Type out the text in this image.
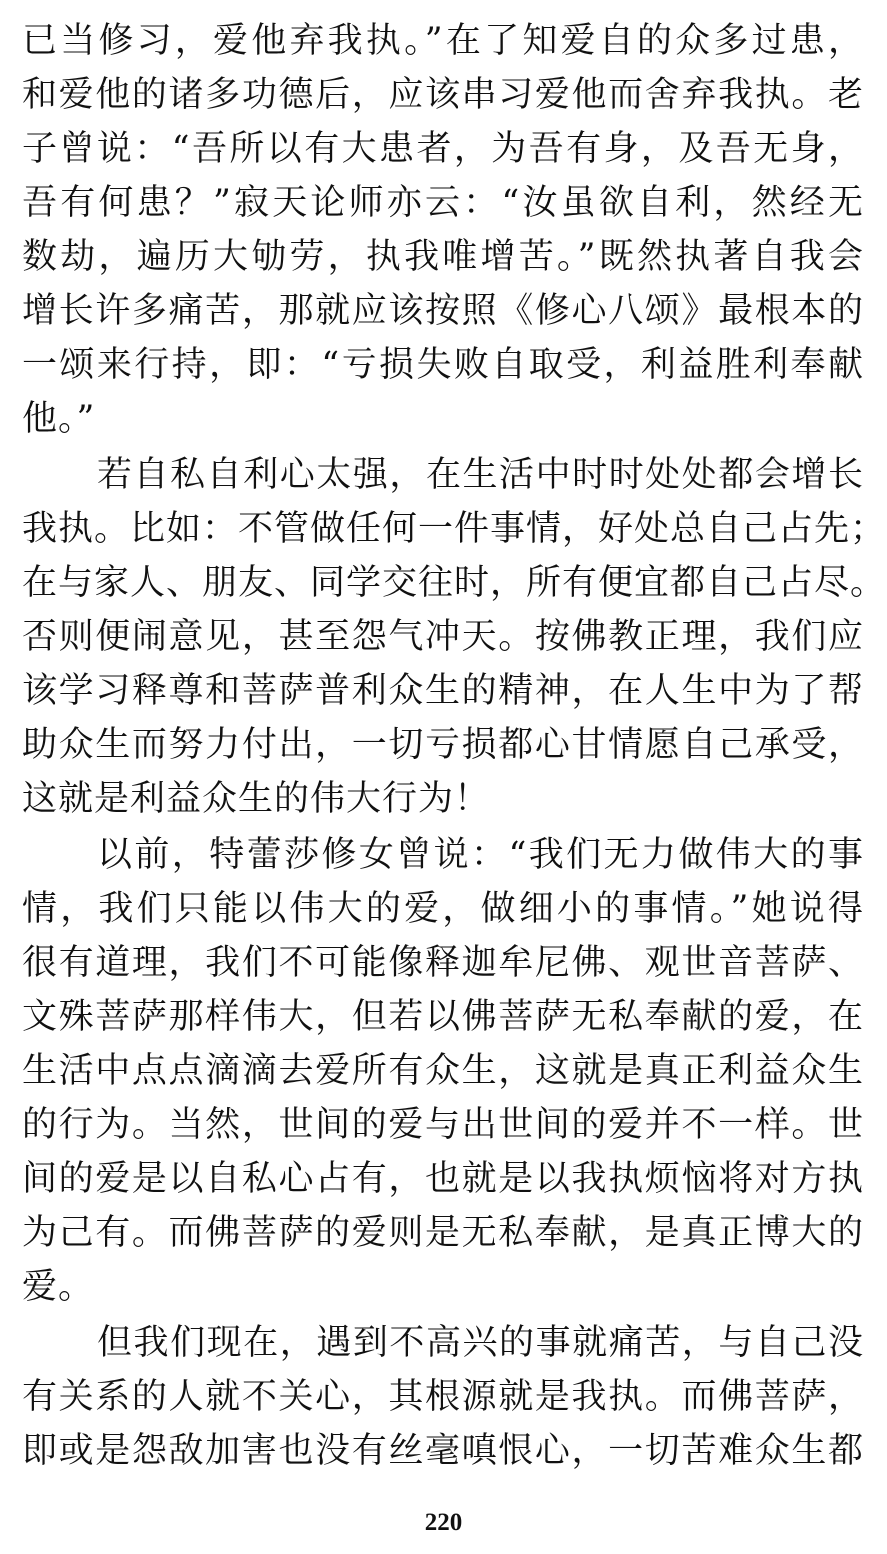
已当修习，爱他弃我执。”在了知爱自的众多过患，
和爱他的诸多功德后，应该串习爱他而舍弃我执。老
子曾说：“吾所以有大患者，为吾有身，及吾无身，
吾有何患？”寂天论师亦云：“汝虽欲自利，然经无
数劫，遍历大劬劳，执我唯增苦。”既然执著自我会
增长许多痛苦，那就应该按照《修心八颂》最根本的
一颂来行持，即：“亏损失败自取受，利益胜利奉献
他。”
若自私自利心太强，在生活中时时处处都会增长
我执。比如：不管做任何一件事情，好处总自己占先；
在与家人、朋友、同学交往时，所有便宜都自己占尽。
否则便闹意见，甚至怨气冲天。按佛教正理，我们应
该学习释尊和菩萨普利众生的精神，在人生中为了帮
助众生而努力付出，一切亏损都心甘情愿自己承受，
这就是利益众生的伟大行为！
以前，特蕾莎修女曾说：“我们无力做伟大的事
情，我们只能以伟大的爱，做细小的事情。”她说得
很有道理，我们不可能像释迦牟尼佛、观世音菩萨、
文殊菩萨那样伟大，但若以佛菩萨无私奉献的爱，在
生活中点点滴滴去爱所有众生，这就是真正利益众生
的行为。当然，世间的爱与出世间的爱并不一样。世
间的爱是以自私心占有，也就是以我执烦恼将对方执
为己有。而佛菩萨的爱则是无私奉献，是真正博大的
爱。
但我们现在，遇到不高兴的事就痛苦，与自己没
有关系的人就不关心，其根源就是我执。而佛菩萨，
即或是怨敌加害也没有丝毫嗔恨心，一切苦难众生都
220
